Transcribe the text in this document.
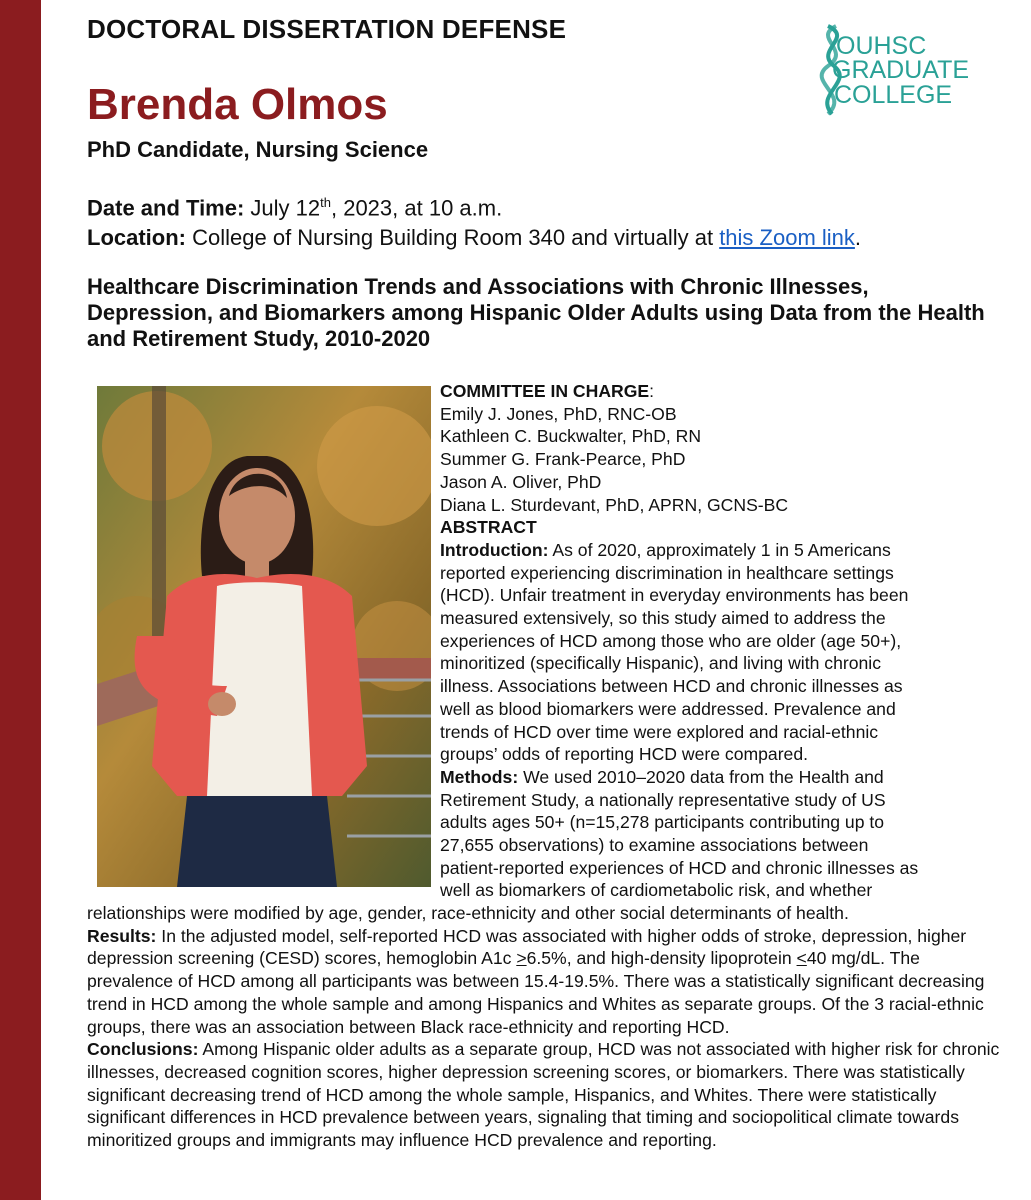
DOCTORAL DISSERTATION DEFENSE
OUHSC
GRADUATE
COLLEGE
Brenda Olmos
PhD Candidate, Nursing Science
Date and Time: July 12th, 2023, at 10 a.m.
Location: College of Nursing Building Room 340 and virtually at this Zoom link.
Healthcare Discrimination Trends and Associations with Chronic Illnesses, Depression, and Biomarkers among Hispanic Older Adults using Data from the Health and Retirement Study, 2010-2020

COMMITTEE IN CHARGE:

Emily J. Jones, PhD, RNC-OB

Kathleen C. Buckwalter, PhD, RN

Summer G. Frank-Pearce, PhD

Jason A. Oliver, PhD

Diana L. Sturdevant, PhD, APRN, GCNS-BC

ABSTRACT

Introduction: As of 2020, approximately 1 in 5 Americans

reported experiencing discrimination in healthcare settings

(HCD). Unfair treatment in everyday environments has been

measured extensively, so this study aimed to address the

experiences of HCD among those who are older (age 50+),

minoritized (specifically Hispanic), and living with chronic

illness. Associations between HCD and chronic illnesses as

well as blood biomarkers were addressed. Prevalence and

trends of HCD over time were explored and racial-ethnic

groups’ odds of reporting HCD were compared.

Methods: We used 2010–2020 data from the Health and

Retirement Study, a nationally representative study of US

adults ages 50+ (n=15,278 participants contributing up to

27,655 observations) to examine associations between

patient-reported experiences of HCD and chronic illnesses as

well as biomarkers of cardiometabolic risk, and whether

relationships were modified by age, gender, race-ethnicity and other social determinants of health.

Results: In the adjusted model, self-reported HCD was associated with higher odds of stroke, depression, higher depression screening (CESD) scores, hemoglobin A1c >6.5%, and high-density lipoprotein <40 mg/dL. The prevalence of HCD among all participants was between 15.4-19.5%. There was a statistically significant decreasing trend in HCD among the whole sample and among Hispanics and Whites as separate groups. Of the 3 racial-ethnic groups, there was an association between Black race-ethnicity and reporting HCD.

Conclusions: Among Hispanic older adults as a separate group, HCD was not associated with higher risk for chronic illnesses, decreased cognition scores, higher depression screening scores, or biomarkers. There was statistically significant decreasing trend of HCD among the whole sample, Hispanics, and Whites. There were statistically significant differences in HCD prevalence between years, signaling that timing and sociopolitical climate towards minoritized groups and immigrants may influence HCD prevalence and reporting.
